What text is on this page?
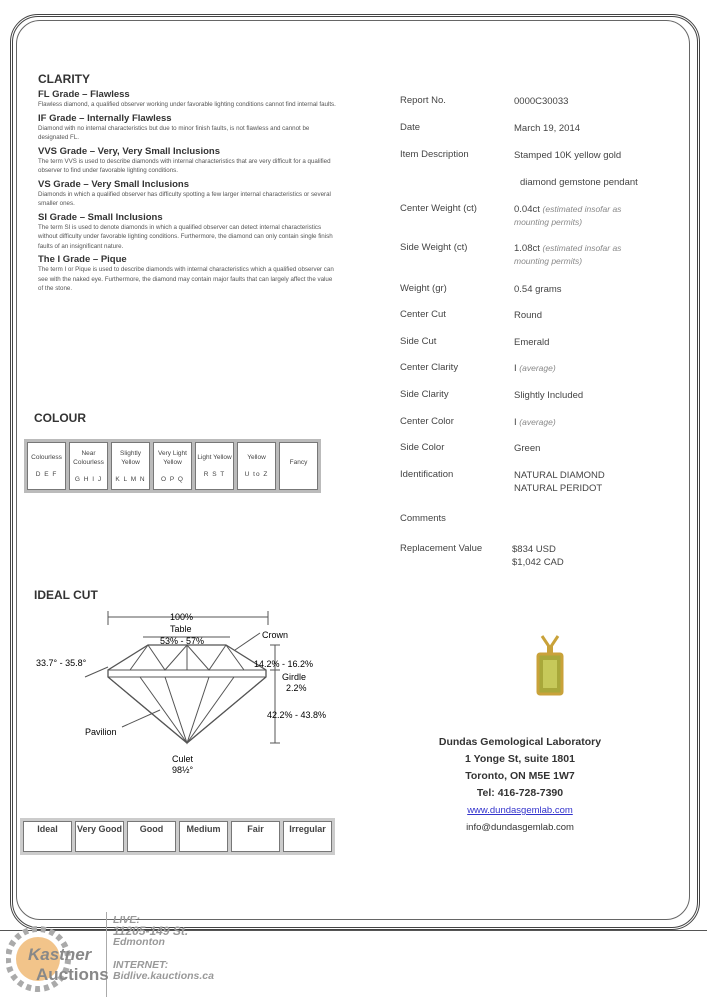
CLARITY
FL Grade – Flawless
Flawless diamond, a qualified observer working under favorable lighting conditions cannot find internal faults.
IF Grade – Internally Flawless
Diamond with no internal characteristics but due to minor finish faults, is not flawless and cannot be designated FL.
VVS Grade – Very, Very Small Inclusions
The term VVS is used to describe diamonds with internal characteristics that are very difficult for a qualified observer to find under favorable lighting conditions.
VS Grade – Very Small Inclusions
Diamonds in which a qualified observer has difficulty spotting a few larger internal characteristics or several smaller ones.
SI Grade – Small Inclusions
The term SI is used to denote diamonds in which a qualified observer can detect internal characteristics without difficulty under favorable lighting conditions. Furthermore, the diamond can only contain single finish faults of an insignificant nature.
The I Grade – Pique
The term I or Pique is used to describe diamonds with internal characteristics which a qualified observer can see with the naked eye. Furthermore, the diamond may contain major faults that can largely affect the value of the stone.
COLOUR
Colourless
D E F

Near Colourless
G H I J

Slightly Yellow
K L M N

Very Light Yellow
O P Q

Light Yellow
R S T

Yellow
U to Z

Fancy
IDEAL CUT
100%
Table
53% - 57%
Crown
33.7° - 35.8°	14.2% - 16.2%
Girdle
2.2%
42.2% - 43.8%
Pavilion
Culet
98½°
Ideal	Very Good	Good	Medium	Fair	Irregular
Report No.	0000C30033
Date	March 19, 2014
Item Description	Stamped 10K yellow gold
diamond gemstone pendant
Center Weight (ct)	0.04ct (estimated insofar as mounting permits)
Side Weight (ct)	1.08ct (estimated insofar as mounting permits)
Weight (gr)	0.54 grams
Center Cut	Round
Side Cut	Emerald
Center Clarity	I (average)
Side Clarity	Slightly Included
Center Color	I (average)
Side Color	Green
Identification	NATURAL DIAMOND
NATURAL PERIDOT
Comments
Replacement Value	$834 USD
$1,042 CAD
Dundas Gemological Laboratory
1 Yonge St, suite 1801
Toronto, ON M5E 1W7
Tel: 416-728-7390
www.dundasgemlab.com
info@dundasgemlab.com
Kastner
Auctions
LIVE:
11205-149 St.
Edmonton
INTERNET:
Bidlive.kauctions.ca
